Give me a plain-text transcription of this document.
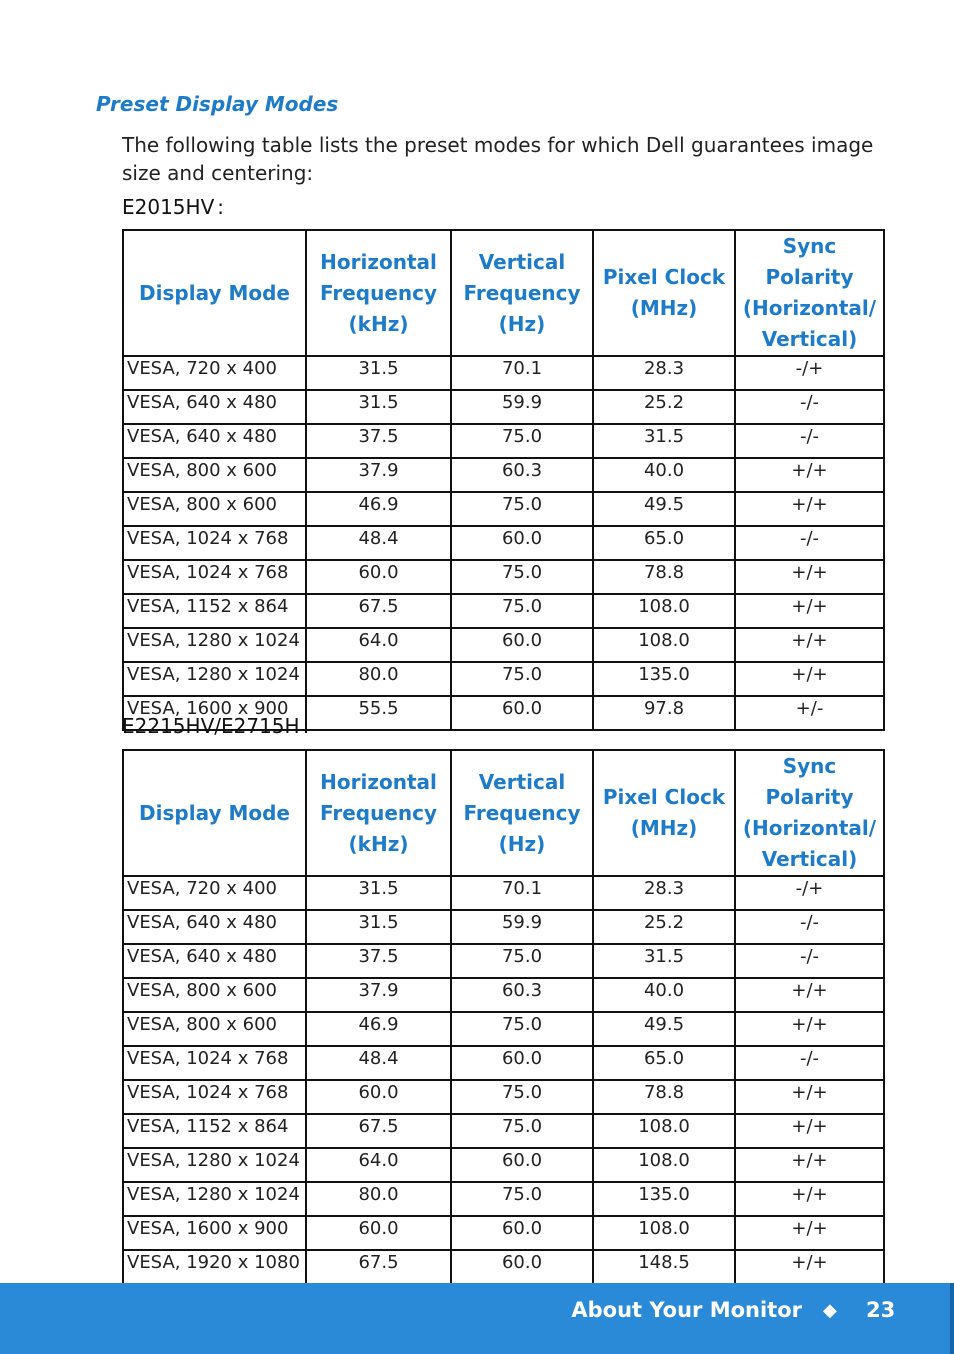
Preset Display Modes

The following table lists the preset modes for which Dell guarantees image size and centering:

E2015HV :
Display Mode	Horizontal Frequency (kHz)	Vertical Frequency (Hz)	Pixel Clock (MHz)	Sync Polarity (Horizontal/ Vertical)
VESA, 720 x 400	31.5	70.1	28.3	-/+
VESA, 640 x 480	31.5	59.9	25.2	-/-
VESA, 640 x 480	37.5	75.0	31.5	-/-
VESA, 800 x 600	37.9	60.3	40.0	+/+
VESA, 800 x 600	46.9	75.0	49.5	+/+
VESA, 1024 x 768	48.4	60.0	65.0	-/-
VESA, 1024 x 768	60.0	75.0	78.8	+/+
VESA, 1152 x 864	67.5	75.0	108.0	+/+
VESA, 1280 x 1024	64.0	60.0	108.0	+/+
VESA, 1280 x 1024	80.0	75.0	135.0	+/+
VESA, 1600 x 900	55.5	60.0	97.8	+/-
E2215HV/E2715H :
Display Mode	Horizontal Frequency (kHz)	Vertical Frequency (Hz)	Pixel Clock (MHz)	Sync Polarity (Horizontal/ Vertical)
VESA, 720 x 400	31.5	70.1	28.3	-/+
VESA, 640 x 480	31.5	59.9	25.2	-/-
VESA, 640 x 480	37.5	75.0	31.5	-/-
VESA, 800 x 600	37.9	60.3	40.0	+/+
VESA, 800 x 600	46.9	75.0	49.5	+/+
VESA, 1024 x 768	48.4	60.0	65.0	-/-
VESA, 1024 x 768	60.0	75.0	78.8	+/+
VESA, 1152 x 864	67.5	75.0	108.0	+/+
VESA, 1280 x 1024	64.0	60.0	108.0	+/+
VESA, 1280 x 1024	80.0	75.0	135.0	+/+
VESA, 1600 x 900	60.0	60.0	108.0	+/+
VESA, 1920 x 1080	67.5	60.0	148.5	+/+
About Your Monitor ◆ 23
